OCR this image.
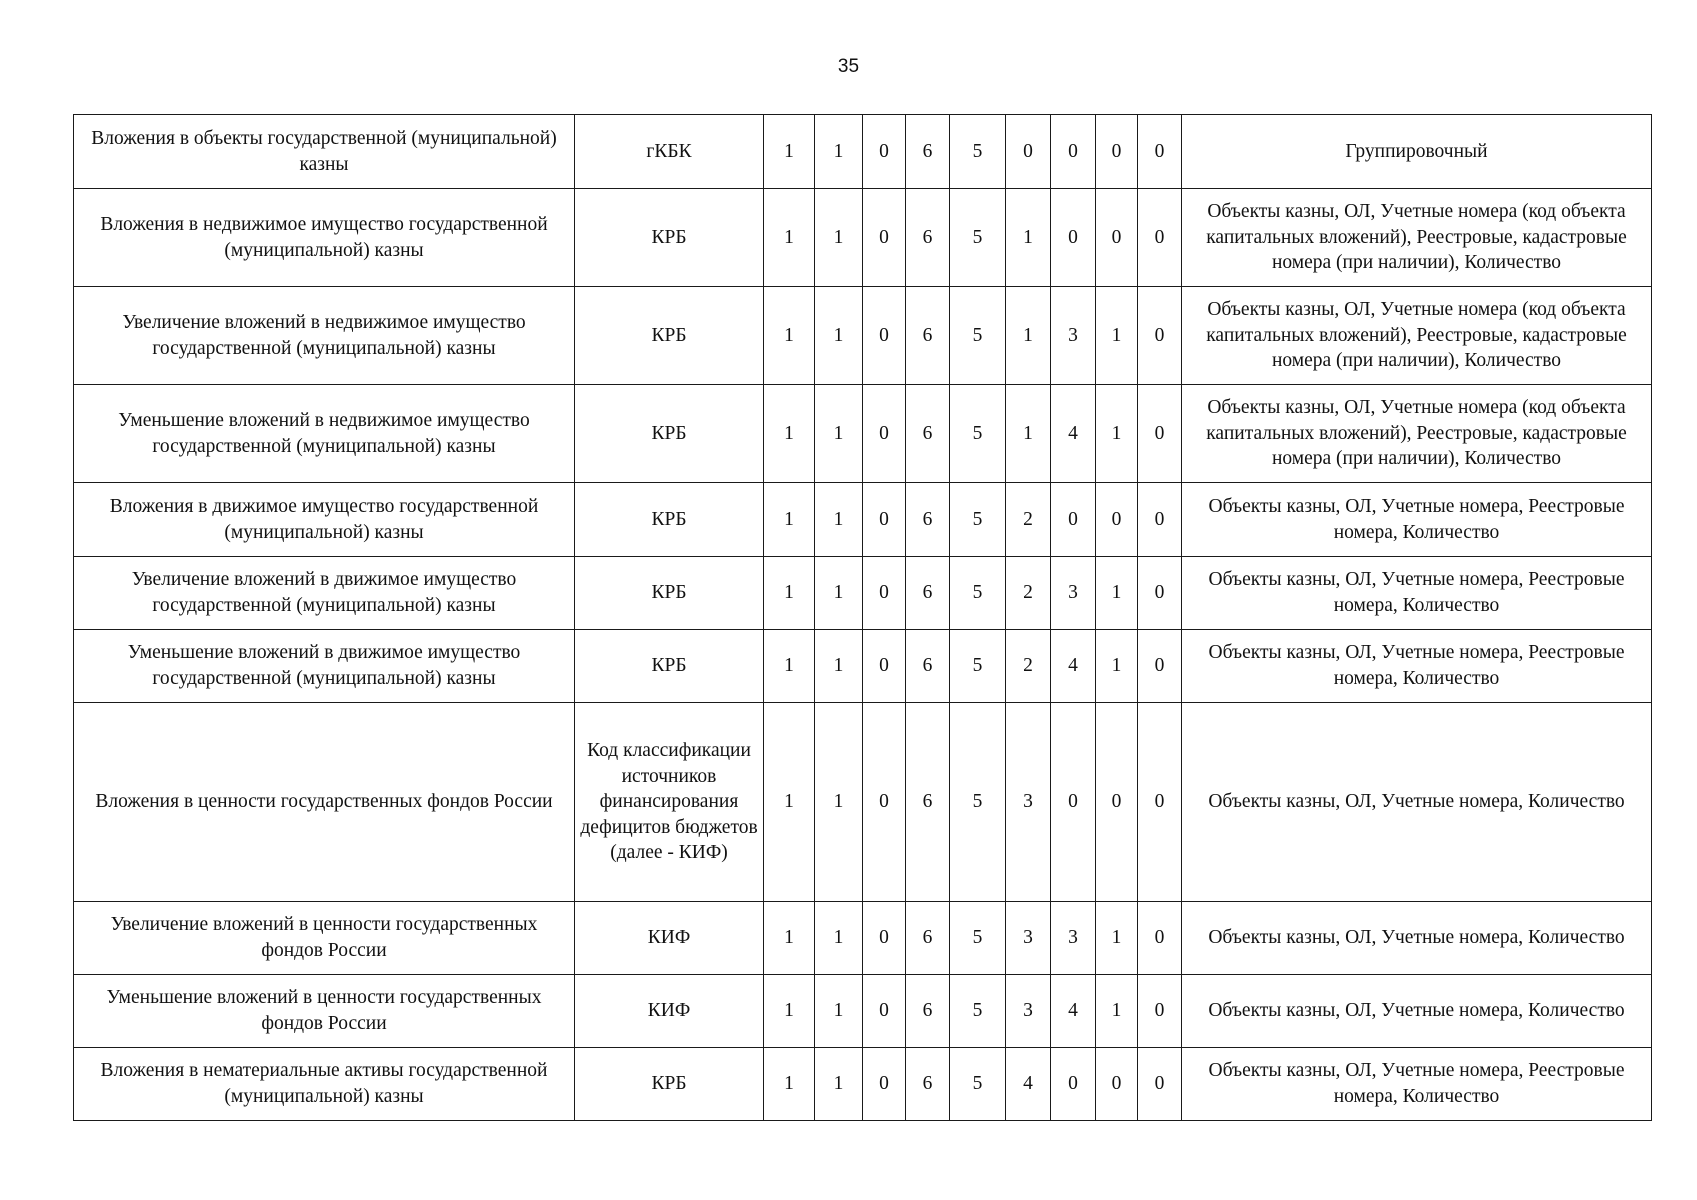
35
Вложения в объекты государственной (муниципальной) казны	гКБК	1	1	0	6	5	0	0	0	0	Группировочный
Вложения в недвижимое имущество государственной (муниципальной) казны	КРБ	1	1	0	6	5	1	0	0	0	Объекты казны, ОЛ, Учетные номера (код объекта капитальных вложений), Реестровые, кадастровые номера (при наличии), Количество
Увеличение вложений в недвижимое имущество государственной (муниципальной) казны	КРБ	1	1	0	6	5	1	3	1	0	Объекты казны, ОЛ, Учетные номера (код объекта капитальных вложений), Реестровые, кадастровые номера (при наличии), Количество
Уменьшение вложений в недвижимое имущество государственной (муниципальной) казны	КРБ	1	1	0	6	5	1	4	1	0	Объекты казны, ОЛ, Учетные номера (код объекта капитальных вложений), Реестровые, кадастровые номера (при наличии), Количество
Вложения в движимое имущество государственной (муниципальной) казны	КРБ	1	1	0	6	5	2	0	0	0	Объекты казны, ОЛ, Учетные номера, Реестровые номера, Количество
Увеличение вложений в движимое имущество государственной (муниципальной) казны	КРБ	1	1	0	6	5	2	3	1	0	Объекты казны, ОЛ, Учетные номера, Реестровые номера, Количество
Уменьшение вложений в движимое имущество государственной (муниципальной) казны	КРБ	1	1	0	6	5	2	4	1	0	Объекты казны, ОЛ, Учетные номера, Реестровые номера, Количество
Вложения в ценности государственных фондов России	Код классификации источников финансирования дефицитов бюджетов (далее - КИФ)	1	1	0	6	5	3	0	0	0	Объекты казны, ОЛ, Учетные номера, Количество
Увеличение вложений в ценности государственных фондов России	КИФ	1	1	0	6	5	3	3	1	0	Объекты казны, ОЛ, Учетные номера, Количество
Уменьшение вложений в ценности государственных фондов России	КИФ	1	1	0	6	5	3	4	1	0	Объекты казны, ОЛ, Учетные номера, Количество
Вложения в нематериальные активы государственной (муниципальной) казны	КРБ	1	1	0	6	5	4	0	0	0	Объекты казны, ОЛ, Учетные номера, Реестровые номера, Количество
